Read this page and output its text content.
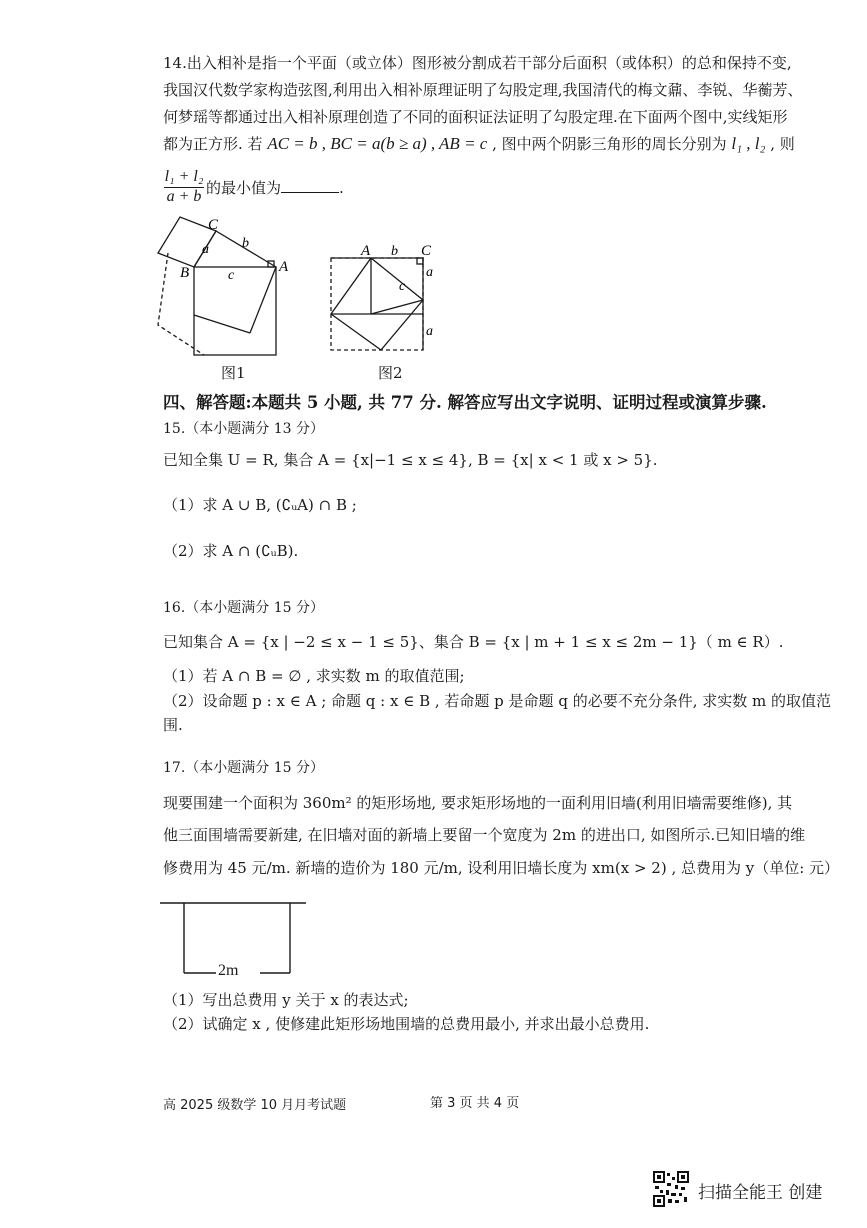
14.出入相补是指一个平面（或立体）图形被分割成若干部分后面积（或体积）的总和保持不变,
我国汉代数学家构造弦图,利用出入相补原理证明了勾股定理,我国清代的梅文鼐、李锐、华蘅芳、
何梦瑶等都通过出入相补原理创造了不同的面积证法证明了勾股定理.在下面两个图中,实线矩形
都为正方形. 若 AC = b , BC = a(b ≥ a) , AB = c , 图中两个阴影三角形的周长分别为 l₁ , l₂ , 则
$\frac{\text{l₁ + l₂}}{a + b}$ 的最小值为	.
C
a b
c
B	A
A b C
a
c
a
图1	图2
四、解答题:本题共 5 小题, 共 77 分. 解答应写出文字说明、证明过程或演算步骤.
15.（本小题满分 13 分）
已知全集 U = R, 集合 A = {x|−1 ≤ x ≤ 4}, B = {x| x < 1 或 x > 5}.
（1）求 A ∪ B, (∁ᵤA) ∩ B ;
（2）求 A ∩ (∁ᵤB).
16.（本小题满分 15 分）
已知集合 A = {x | −2 ≤ x − 1 ≤ 5}、集合 B = {x | m + 1 ≤ x ≤ 2m − 1}（ m ∈ R）.
（1）若 A ∩ B = ∅ , 求实数 m 的取值范围;
（2）设命题 p : x ∈ A ; 命题 q : x ∈ B , 若命题 p 是命题 q 的必要不充分条件, 求实数 m 的取值范
围.
17.（本小题满分 15 分）
现要围建一个面积为 360m² 的矩形场地, 要求矩形场地的一面利用旧墙(利用旧墙需要维修), 其
他三面围墙需要新建, 在旧墙对面的新墙上要留一个宽度为 2m 的进出口, 如图所示.已知旧墙的维
修费用为 45 元/m. 新墙的造价为 180 元/m, 设利用旧墙长度为 xm(x > 2) , 总费用为 y（单位: 元）
2m
（1）写出总费用 y 关于 x 的表达式;
（2）试确定 x , 使修建此矩形场地围墙的总费用最小, 并求出最小总费用.
高 2025 级数学 10 月月考试题	第 3 页 共 4 页
扫描全能王 创建
